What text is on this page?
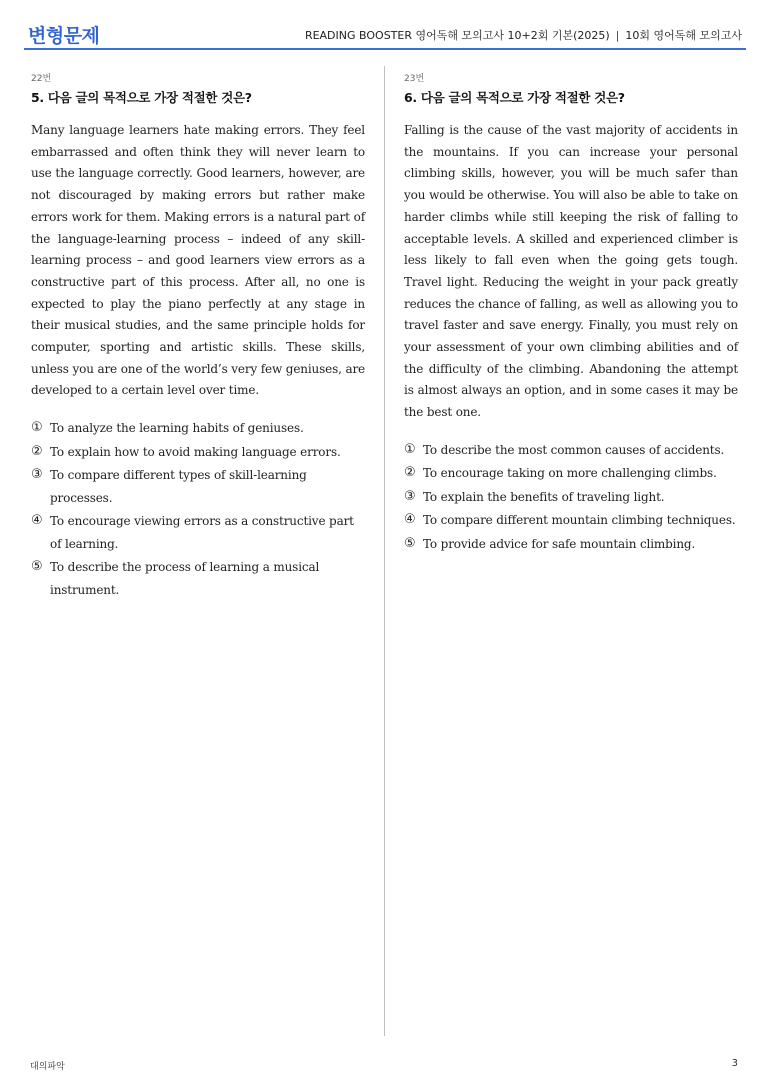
변형문제	READING BOOSTER 영어독해 모의고사 10+2회 기본(2025) | 10회 영어독해 모의고사
22번
5. 다음 글의 목적으로 가장 적절한 것은?
Many language learners hate making errors. They feel embarrassed and often think they will never learn to use the language correctly. Good learners, however, are not discouraged by making errors but rather make errors work for them. Making errors is a natural part of the language-learning process – indeed of any skill-learning process – and good learners view errors as a constructive part of this process. After all, no one is expected to play the piano perfectly at any stage in their musical studies, and the same principle holds for computer, sporting and artistic skills. These skills, unless you are one of the world’s very few geniuses, are developed to a certain level over time.
① To analyze the learning habits of geniuses.
② To explain how to avoid making language errors.
③ To compare different types of skill-learning processes.
④ To encourage viewing errors as a constructive part of learning.
⑤ To describe the process of learning a musical instrument.
23번
6. 다음 글의 목적으로 가장 적절한 것은?
Falling is the cause of the vast majority of accidents in the mountains. If you can increase your personal climbing skills, however, you will be much safer than you would be otherwise. You will also be able to take on harder climbs while still keeping the risk of falling to acceptable levels. A skilled and experienced climber is less likely to fall even when the going gets tough. Travel light. Reducing the weight in your pack greatly reduces the chance of falling, as well as allowing you to travel faster and save energy. Finally, you must rely on your assessment of your own climbing abilities and of the difficulty of the climbing. Abandoning the attempt is almost always an option, and in some cases it may be the best one.
① To describe the most common causes of accidents.
② To encourage taking on more challenging climbs.
③ To explain the benefits of traveling light.
④ To compare different mountain climbing techniques.
⑤ To provide advice for safe mountain climbing.
대의파악	3
